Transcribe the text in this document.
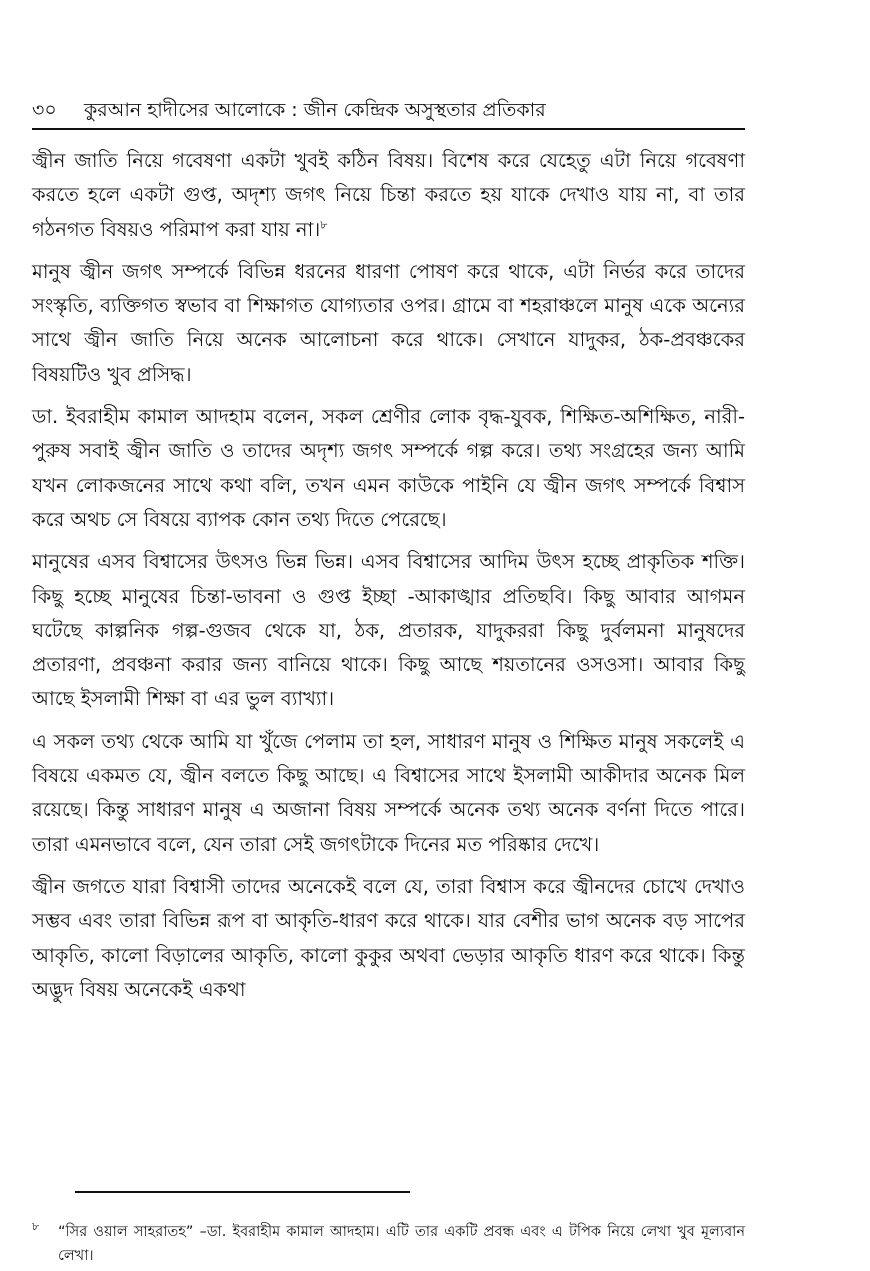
৩০ কুরআন হাদীসের আলোকে : জীন কেন্দ্রিক অসুস্থতার প্রতিকার

জ্বীন জাতি নিয়ে গবেষণা একটা খুবই কঠিন বিষয়। বিশেষ করে যেহেতু এটা নিয়ে গবেষণা করতে হলে একটা গুপ্ত, অদৃশ্য জগৎ নিয়ে চিন্তা করতে হয় যাকে দেখাও যায় না, বা তার গঠনগত বিষয়ও পরিমাপ করা যায় না।$^৮$

মানুষ জ্বীন জগৎ সম্পর্কে বিভিন্ন ধরনের ধারণা পোষণ করে থাকে, এটা নির্ভর করে তাদের সংস্কৃতি, ব্যক্তিগত স্বভাব বা শিক্ষাগত যোগ্যতার ওপর। গ্রামে বা শহরাঞ্চলে মানুষ একে অন্যের সাথে জ্বীন জাতি নিয়ে অনেক আলোচনা করে থাকে। সেখানে যাদুকর, ঠক-প্রবঞ্চকের বিষয়টিও খুব প্রসিদ্ধ।

ডা. ইবরাহীম কামাল আদহাম বলেন, সকল শ্রেণীর লোক বৃদ্ধ-যুবক, শিক্ষিত-অশিক্ষিত, নারী-পুরুষ সবাই জ্বীন জাতি ও তাদের অদৃশ্য জগৎ সম্পর্কে গল্প করে। তথ্য সংগ্রহের জন্য আমি যখন লোকজনের সাথে কথা বলি, তখন এমন কাউকে পাইনি যে জ্বীন জগৎ সম্পর্কে বিশ্বাস করে অথচ সে বিষয়ে ব্যাপক কোন তথ্য দিতে পেরেছে।

মানুষের এসব বিশ্বাসের উৎসও ভিন্ন ভিন্ন। এসব বিশ্বাসের আদিম উৎস হচ্ছে প্রাকৃতিক শক্তি। কিছু হচ্ছে মানুষের চিন্তা-ভাবনা ও গুপ্ত ইচ্ছা -আকাঙ্খার প্রতিছবি। কিছু আবার আগমন ঘটেছে কাল্পনিক গল্প-গুজব থেকে যা, ঠক, প্রতারক, যাদুকররা কিছু দুর্বলমনা মানুষদের প্রতারণা, প্রবঞ্চনা করার জন্য বানিয়ে থাকে। কিছু আছে শয়তানের ওসওসা। আবার কিছু আছে ইসলামী শিক্ষা বা এর ভুল ব্যাখ্যা।

এ সকল তথ্য থেকে আমি যা খুঁজে পেলাম তা হল, সাধারণ মানুষ ও শিক্ষিত মানুষ সকলেই এ বিষয়ে একমত যে, জ্বীন বলতে কিছু আছে। এ বিশ্বাসের সাথে ইসলামী আকীদার অনেক মিল রয়েছে। কিন্তু সাধারণ মানুষ এ অজানা বিষয় সম্পর্কে অনেক তথ্য অনেক বর্ণনা দিতে পারে। তারা এমনভাবে বলে, যেন তারা সেই জগৎটাকে দিনের মত পরিষ্কার দেখে।

জ্বীন জগতে যারা বিশ্বাসী তাদের অনেকেই বলে যে, তারা বিশ্বাস করে জ্বীনদের চোখে দেখাও সম্ভব এবং তারা বিভিন্ন রূপ বা আকৃতি-ধারণ করে থাকে। যার বেশীর ভাগ অনেক বড় সাপের আকৃতি, কালো বিড়ালের আকৃতি, কালো কুকুর অথবা ভেড়ার আকৃতি ধারণ করে থাকে। কিন্তু অদ্ভুদ বিষয় অনেকেই একথা

৮ “সির ওয়াল সাহরাতহ” –ডা. ইবরাহীম কামাল আদহাম। এটি তার একটি প্রবন্ধ এবং এ টপিক নিয়ে লেখা খুব মূল্যবান লেখা।
